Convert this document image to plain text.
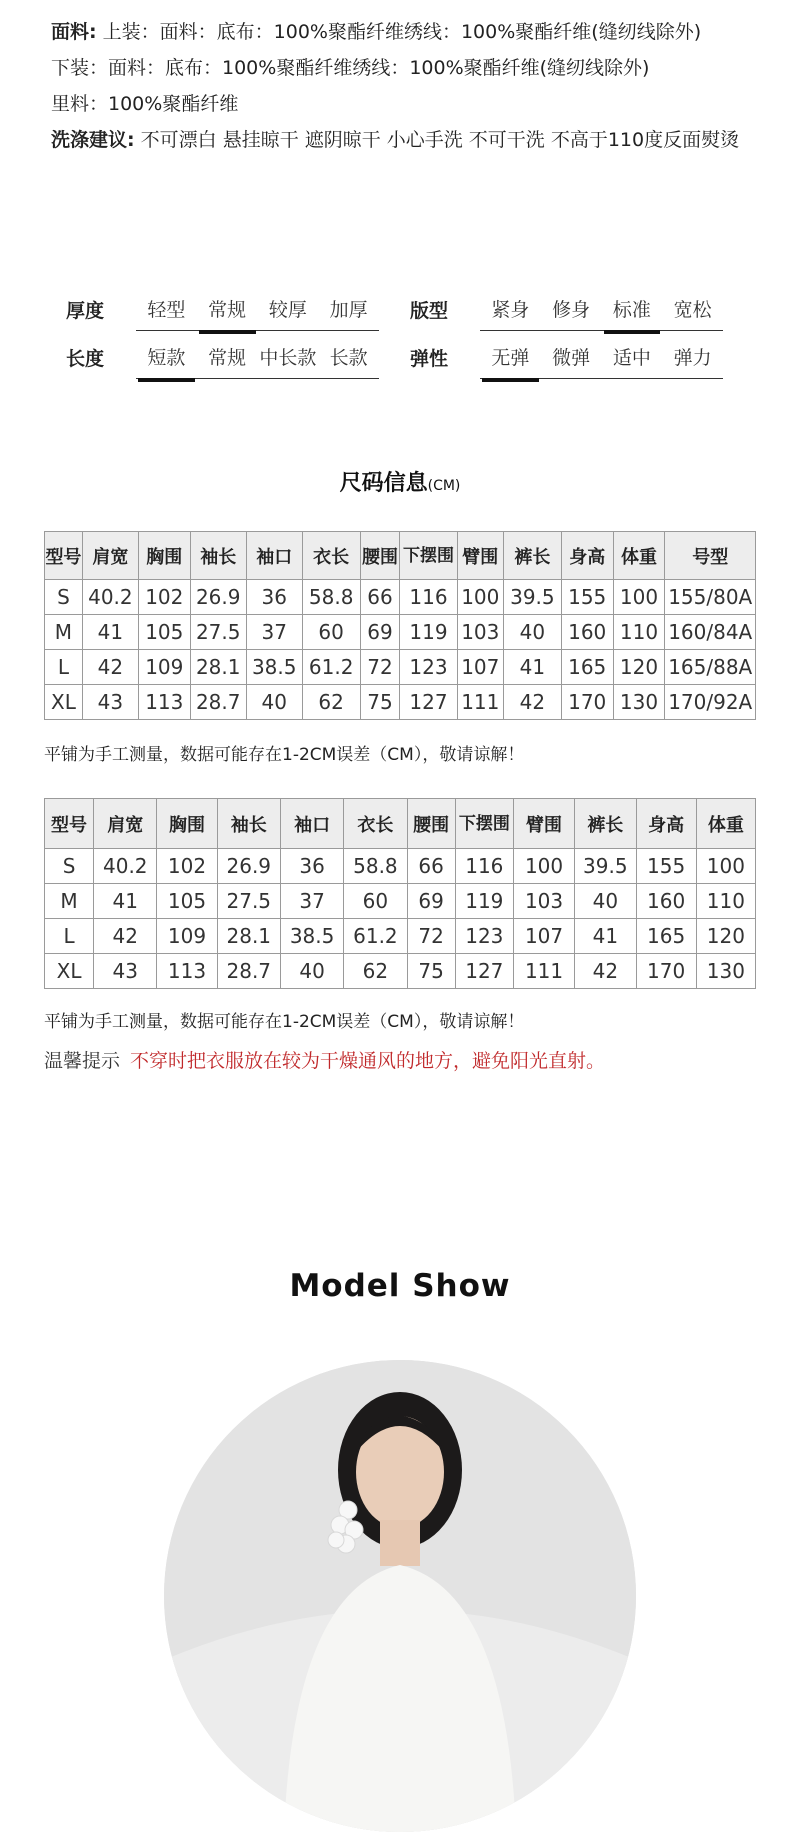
面料: 上装：面料：底布：100%聚酯纤维绣线：100%聚酯纤维(缝纫线除外)

下装：面料：底布：100%聚酯纤维绣线：100%聚酯纤维(缝纫线除外)

里料：100%聚酯纤维

洗涤建议: 不可漂白 悬挂晾干 遮阴晾干 小心手洗 不可干洗 不高于110度反面熨烫

厚度	轻型	常规	较厚	加厚	版型	紧身	修身	标准	宽松
长度	短款	常规 中长款 长款	弹性	无弹	微弹	适中	弹力
尺码信息(CM)
型号	肩宽	胸围	袖长	袖口	衣长	腰围	下摆围	臂围	裤长	身高	体重	号型
S	40.2	102	26.9	36	58.8	66	116	100	39.5	155	100	155/80A
M	41	105	27.5	37	60	69	119	103	40	160	110	160/84A
L	42	109	28.1	38.5	61.2	72	123	107	41	165	120	165/88A
XL	43	113	28.7	40	62	75	127	111	42	170	130	170/92A
平铺为手工测量，数据可能存在1-2CM误差（CM），敬请谅解！
型号	肩宽	胸围	袖长	袖口	衣长	腰围	下摆围	臂围	裤长	身高	体重
S	40.2	102	26.9	36	58.8	66	116	100	39.5	155	100
M	41	105	27.5	37	60	69	119	103	40	160	110
L	42	109	28.1	38.5	61.2	72	123	107	41	165	120
XL	43	113	28.7	40	62	75	127	111	42	170	130
平铺为手工测量，数据可能存在1-2CM误差（CM），敬请谅解！
温馨提示 不穿时把衣服放在较为干燥通风的地方，避免阳光直射。
Model Show
